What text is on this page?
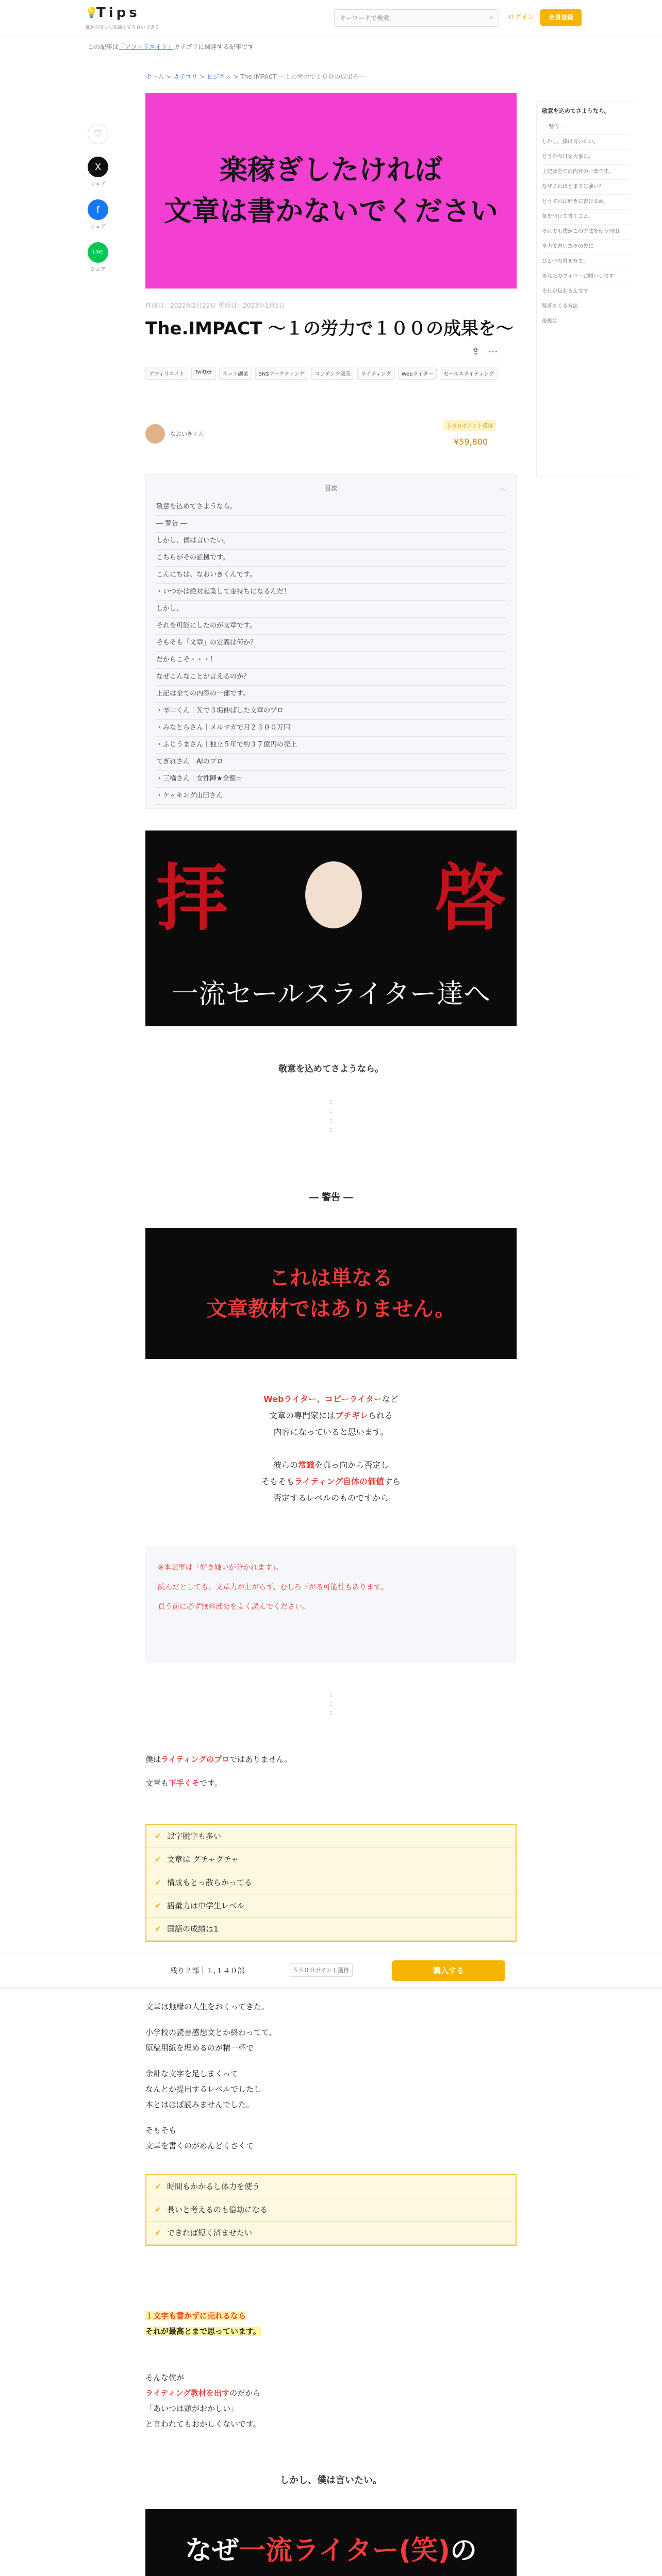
💡
Tips
誰かの役立つ知識を売り買いできる
キーワードで検索
⌕ ログイン	会員登録
この記事は「アフィリエイト」カテゴリに関連する記事です
ホーム > カテゴリ > ビジネス > The.IMPACT 〜１の労力で１００の成果を〜
♡
X
シェア
f
シェア
LINE
シェア
敬意を込めてさようなら。
― 警告 ―
しかし、僕は言いたい。
どうか今日を大事に。
上記は全ての内容の一部です。
なぜこれほどまでに強い？
どうすれば好きに書けるか。
気をつけて書くこと。
それでも僕がこの方法を使う理由
全力で書いたその先に
ひとつの書き方で。
あなたのフォローお願いします
それが伝わるんです
稼ぎまくる方法
最後に
楽稼ぎしたければ
文章は書かないでください
作成日：2022年2月22日 更新日：2023年1月5日
The.IMPACT 〜１の労力で１００の成果を〜
⇪ ⋯
アフィリエイト	Twitter	ネット副業	SNSマーケティング	コンテンツ販売	ライティング	Webライター	セールスライティング
なおいきくん
５００ポイント獲得
¥59,800
目次	︿
敬意を込めてさようなら。
― 警告 ―
しかし、僕は言いたい。
こちらがその証拠です。
こんにちは、なおいきくんです。
・いつかは絶対起業して金持ちになるんだ！
しかし、
それを可能にしたのが文章です。
そもそも「文章」の定義は何か？
だからこそ・・・！
なぜこんなことが言えるのか？
上記は全ての内容の一部です。
・辛口くん｜Ｘで３垢伸ばした文章のプロ
・みなとらさん｜メルマガで月２３００万円
・ふじうまさん｜独立５年で約３７億円の売上
てぎれさん｜AIのプロ
・三橋さん｜女性陣★全額☆
・ケッキング山田さん
拝	啓
一流セールスライター達へ
敬意を込めてさようなら。
:
:
:
:
― 警告 ―
これは単なる
文章教材ではありません。
Webライター、コピーライターなど
文章の専門家にはブチギレられる
内容になっていると思います。

彼らの常識を真っ向から否定し
そもそもライティング自体の価値すら
否定するレベルのものですから

※本記事は「好き嫌いが分かれます」。

読んだとしても、文章力が上がらず、むしろ下がる可能性もあります。

買う前に必ず無料部分をよく読んでください。

:
:
:
僕はライティングのプロではありません。
文章も下手くそです。
✔ 誤字脱字も多い
✔ 文章は グチャグチャ
✔ 構成もとっ散らかってる
✔ 語彙力は中学生レベル
✔ 国語の成績は1
残り２部｜１,１４０部	５５００ポイント獲得	購入する
文章は無縁の人生をおくってきた。
小学校の読書感想文とか終わってて、
原稿用紙を埋めるのが精一杯で
余計な文字を足しまくって
なんとか提出するレベルでしたし
本とはほぼ読みませんでした。
そもそも
文章を書くのがめんどくさくて
✔ 時間もかかるし体力を使う
✔ 長いと考えるのも億劫になる
✔ できれば短く済ませたい
１文字も書かずに売れるなら
それが最高とまで思っています。
そんな僕が
ライティング教材を出すのだから
「あいつは頭がおかしい」
と言われてもおかしくないです。
しかし、僕は言いたい。
なぜ一流ライター(笑)の
